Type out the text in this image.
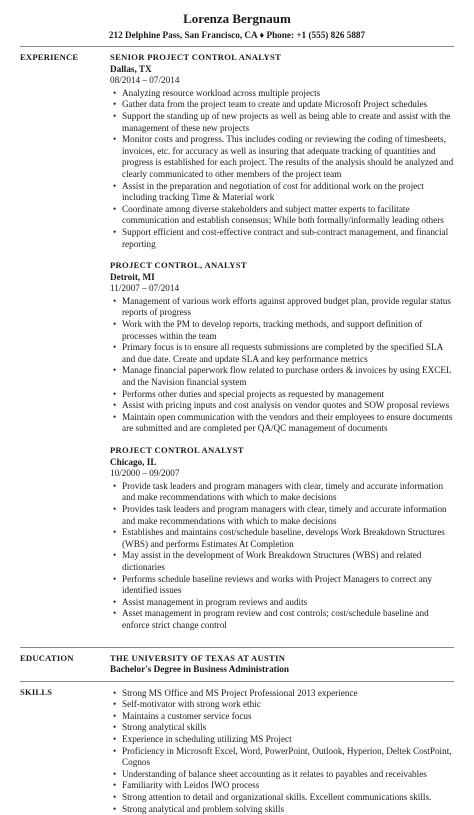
Lorenza Bergnaum
212 Delphine Pass, San Francisco, CA ♦ Phone: +1 (555) 826 5887
EXPERIENCE	SENIOR PROJECT CONTROL ANALYST
Dallas, TX
08/2014 – 07/2014
• Analyzing resource workload across multiple projects
• Gather data from the project team to create and update Microsoft Project schedules
• Support the standing up of new projects as well as being able to create and assist with the management of these new projects
• Monitor costs and progress. This includes coding or reviewing the coding of timesheets, invoices, etc. for accuracy as well as insuring that adequate tracking of quantities and progress is established for each project. The results of the analysis should be analyzed and clearly communicated to other members of the project team
• Assist in the preparation and negotiation of cost for additional work on the project including tracking Time & Material work
• Coordinate among diverse stakeholders and subject matter experts to facilitate communication and establish consensus; While both formally/informally leading others
• Support efficient and cost-effective contract and sub-contract management, and financial reporting
PROJECT CONTROL, ANALYST
Detroit, MI
11/2007 – 07/2014
• Management of various work efforts against approved budget plan, provide regular status reports of progress
• Work with the PM to develop reports, tracking methods, and support definition of processes within the team
• Primary focus is to ensure all requests submissions are completed by the specified SLA and due date. Create and update SLA and key performance metrics
• Manage financial paperwork flow related to purchase orders & invoices by using EXCEL and the Navision financial system
• Performs other duties and special projects as requested by management
• Assist with pricing inputs and cost analysis on vendor quotes and SOW proposal reviews
• Maintain open communication with the vendors and their employees to ensure documents are submitted and are completed per QA/QC management of documents
PROJECT CONTROL ANALYST
Chicago, IL
10/2000 – 09/2007
• Provide task leaders and program managers with clear, timely and accurate information and make recommendations with which to make decisions
• Provides task leaders and program managers with clear, timely and accurate information and make recommendations with which to make decisions
• Establishes and maintains cost/schedule baseline, develops Work Breakdown Structures (WBS) and performs Estimates At Completion
• May assist in the development of Work Breakdown Structures (WBS) and related dictionaries
• Performs schedule baseline reviews and works with Project Managers to correct any identified issues
• Assist management in program reviews and audits
• Asset management in program review and cost controls; cost/schedule baseline and enforce strict change control
EDUCATION	THE UNIVERSITY OF TEXAS AT AUSTIN
Bachelor's Degree in Business Administration
SKILLS
•	Strong MS Office and MS Project Professional 2013 experience
• Self-motivator with strong work ethic
• Maintains a customer service focus
• Strong analytical skills
• Experience in scheduling utilizing MS Project
• Proficiency in Microsoft Excel, Word, PowerPoint, Outlook, Hyperion, Deltek CostPoint, Cognos
• Understanding of balance sheet accounting as it relates to payables and receivables
• Familiarity with Leidos IWO process
• Strong attention to detail and organizational skills. Excellent communications skills.
• Strong analytical and problem solving skills
